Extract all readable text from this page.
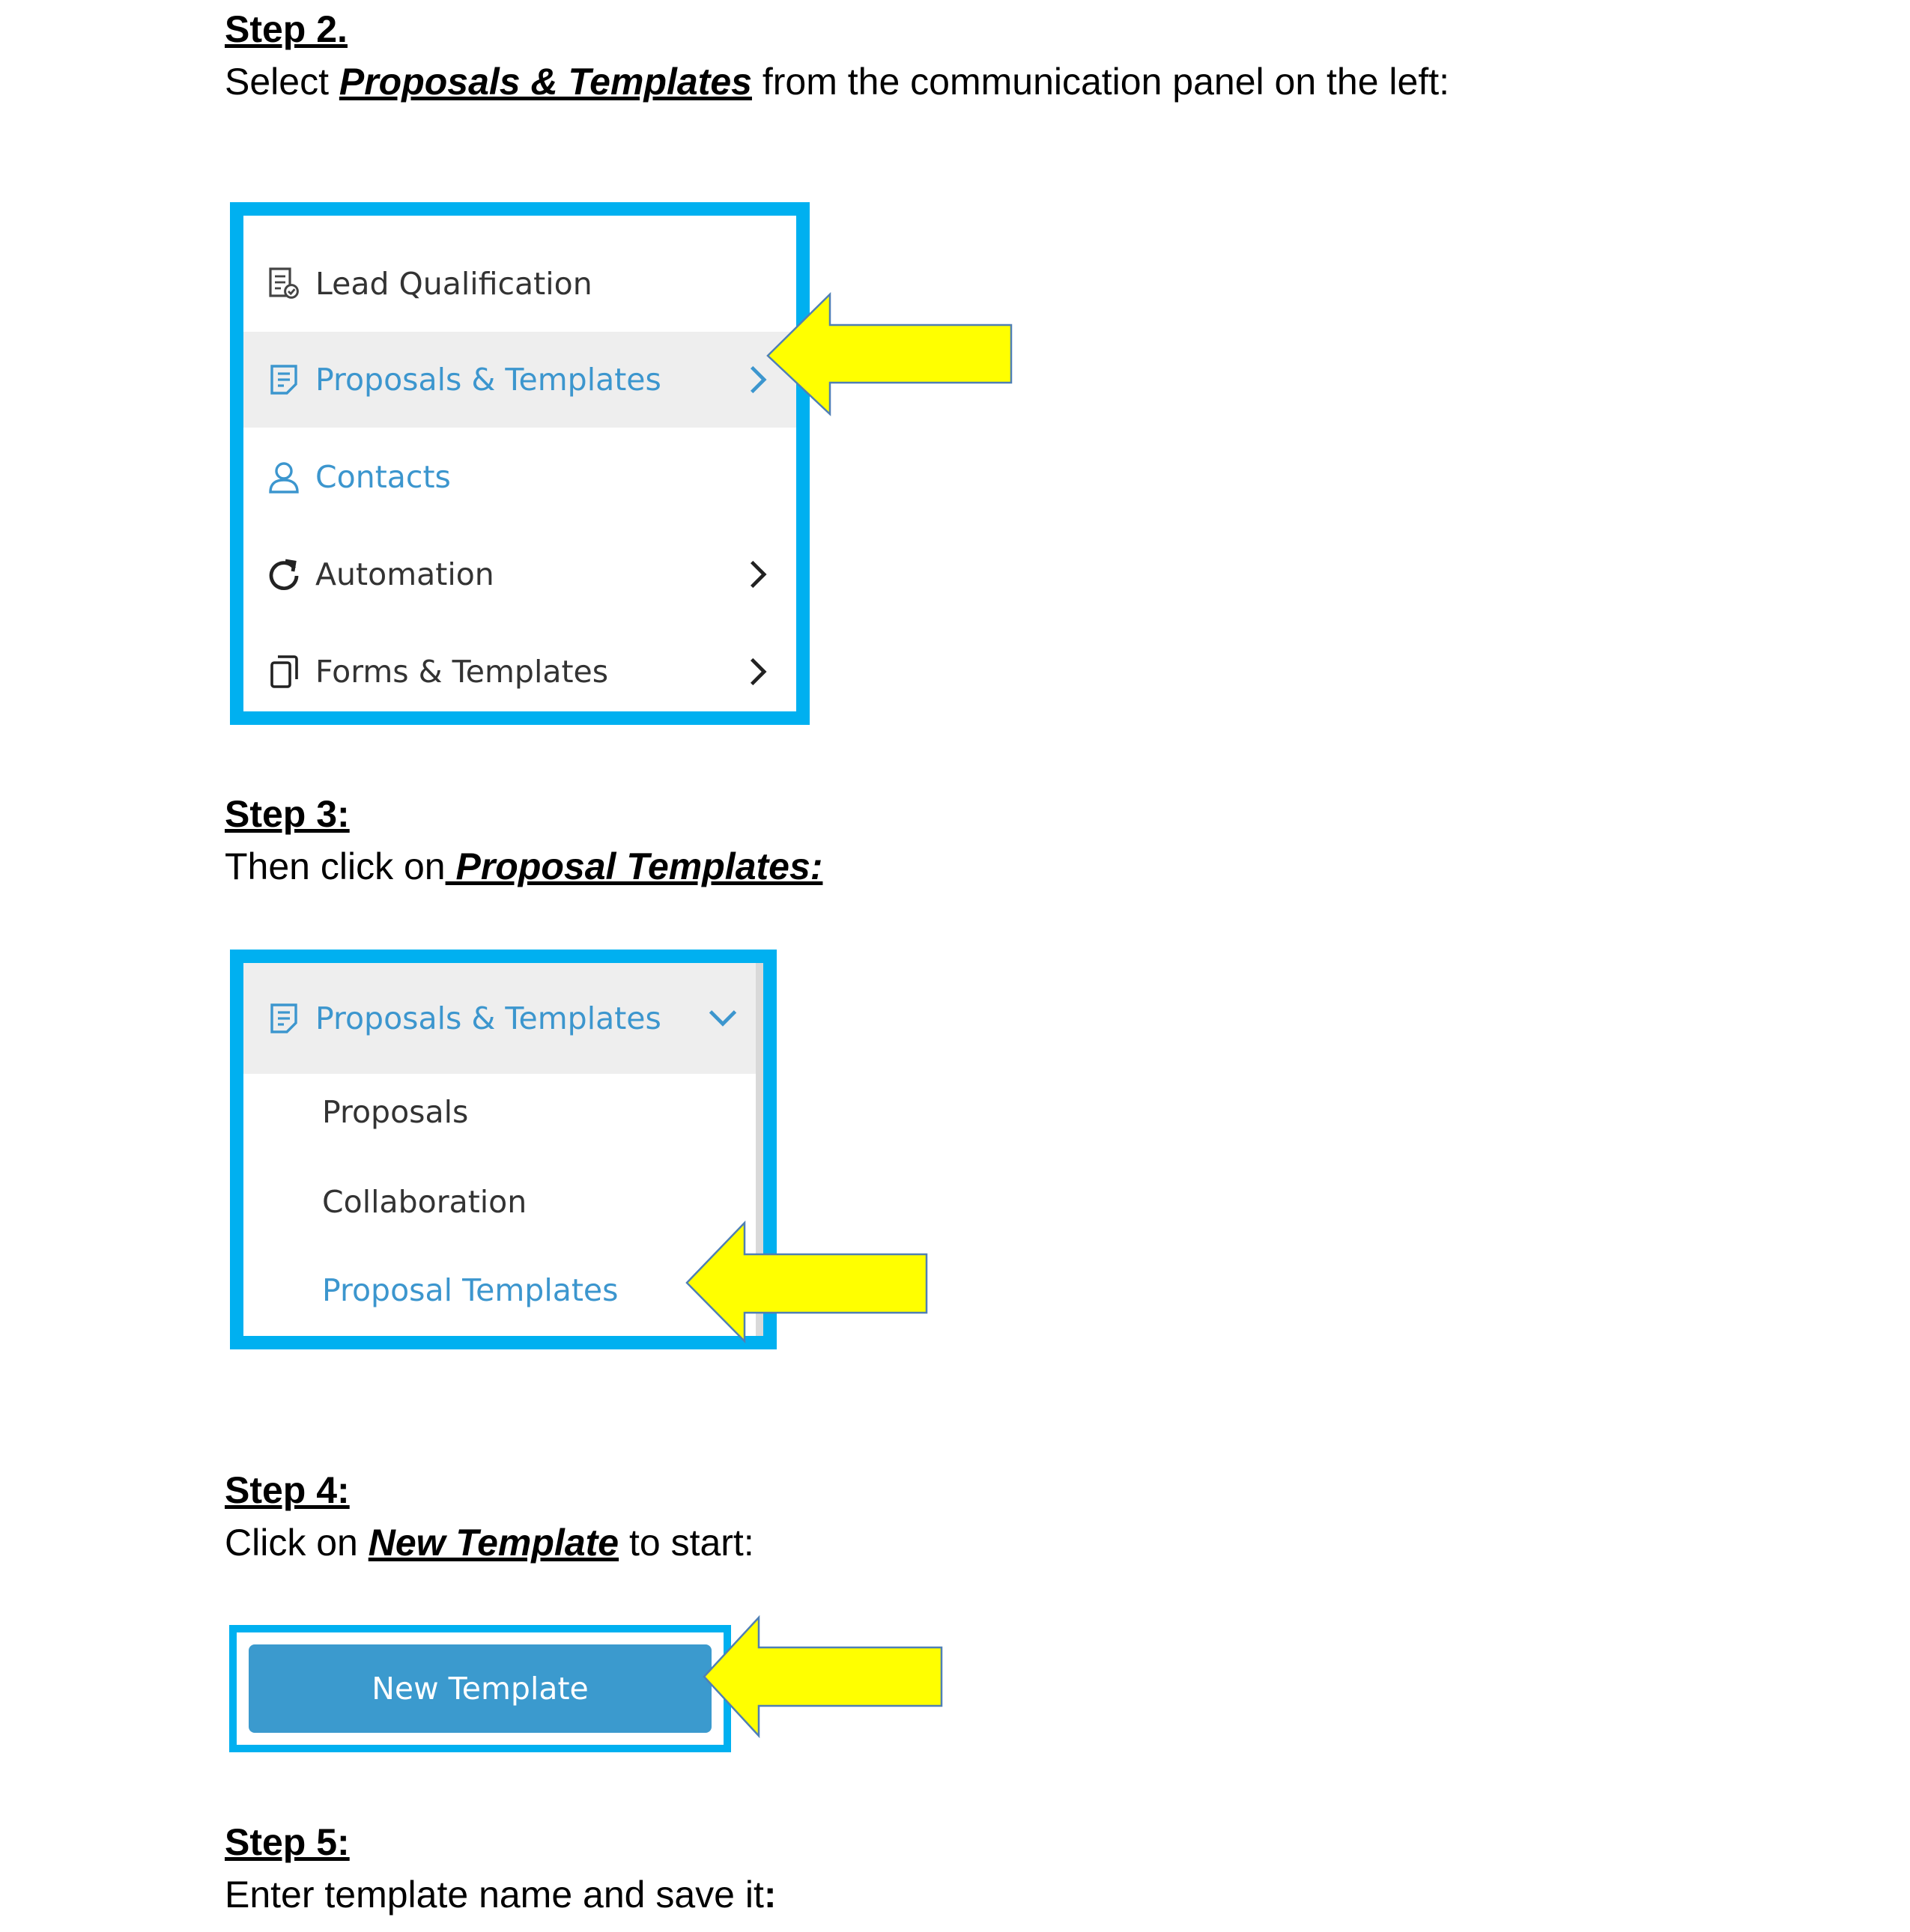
Step 2.
Select Proposals & Templates from the communication panel on the left:
Lead Qualification
Proposals & Templates
Contacts
Automation
Forms & Templates
Step 3:
Then click on Proposal Templates:
Proposals & Templates
Proposals
Collaboration
Proposal Templates
Step 4:
Click on New Template to start:
New Template
Step 5:
Enter template name and save it:
